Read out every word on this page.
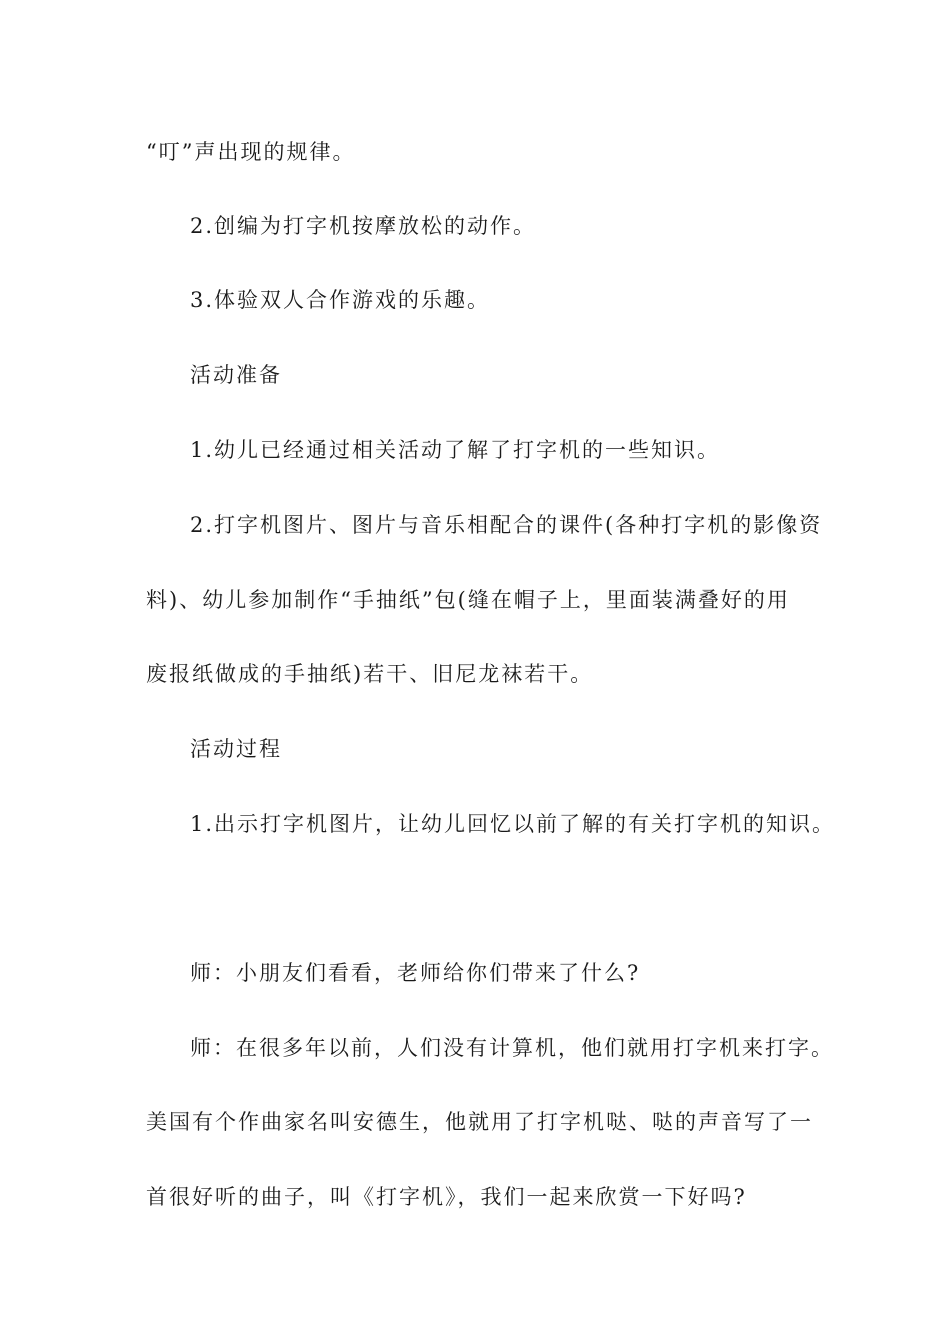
“叮”声出现的规律。
2.创编为打字机按摩放松的动作。
3.体验双人合作游戏的乐趣。
活动准备
1.幼儿已经通过相关活动了解了打字机的一些知识。
2.打字机图片、图片与音乐相配合的课件(各种打字机的影像资
料)、幼儿参加制作“手抽纸”包(缝在帽子上，里面装满叠好的用
废报纸做成的手抽纸)若干、旧尼龙袜若干。
活动过程
1.出示打字机图片，让幼儿回忆以前了解的有关打字机的知识。
师：小朋友们看看，老师给你们带来了什么?
师：在很多年以前，人们没有计算机，他们就用打字机来打字。
美国有个作曲家名叫安德生，他就用了打字机哒、哒的声音写了一
首很好听的曲子，叫《打字机》，我们一起来欣赏一下好吗?
